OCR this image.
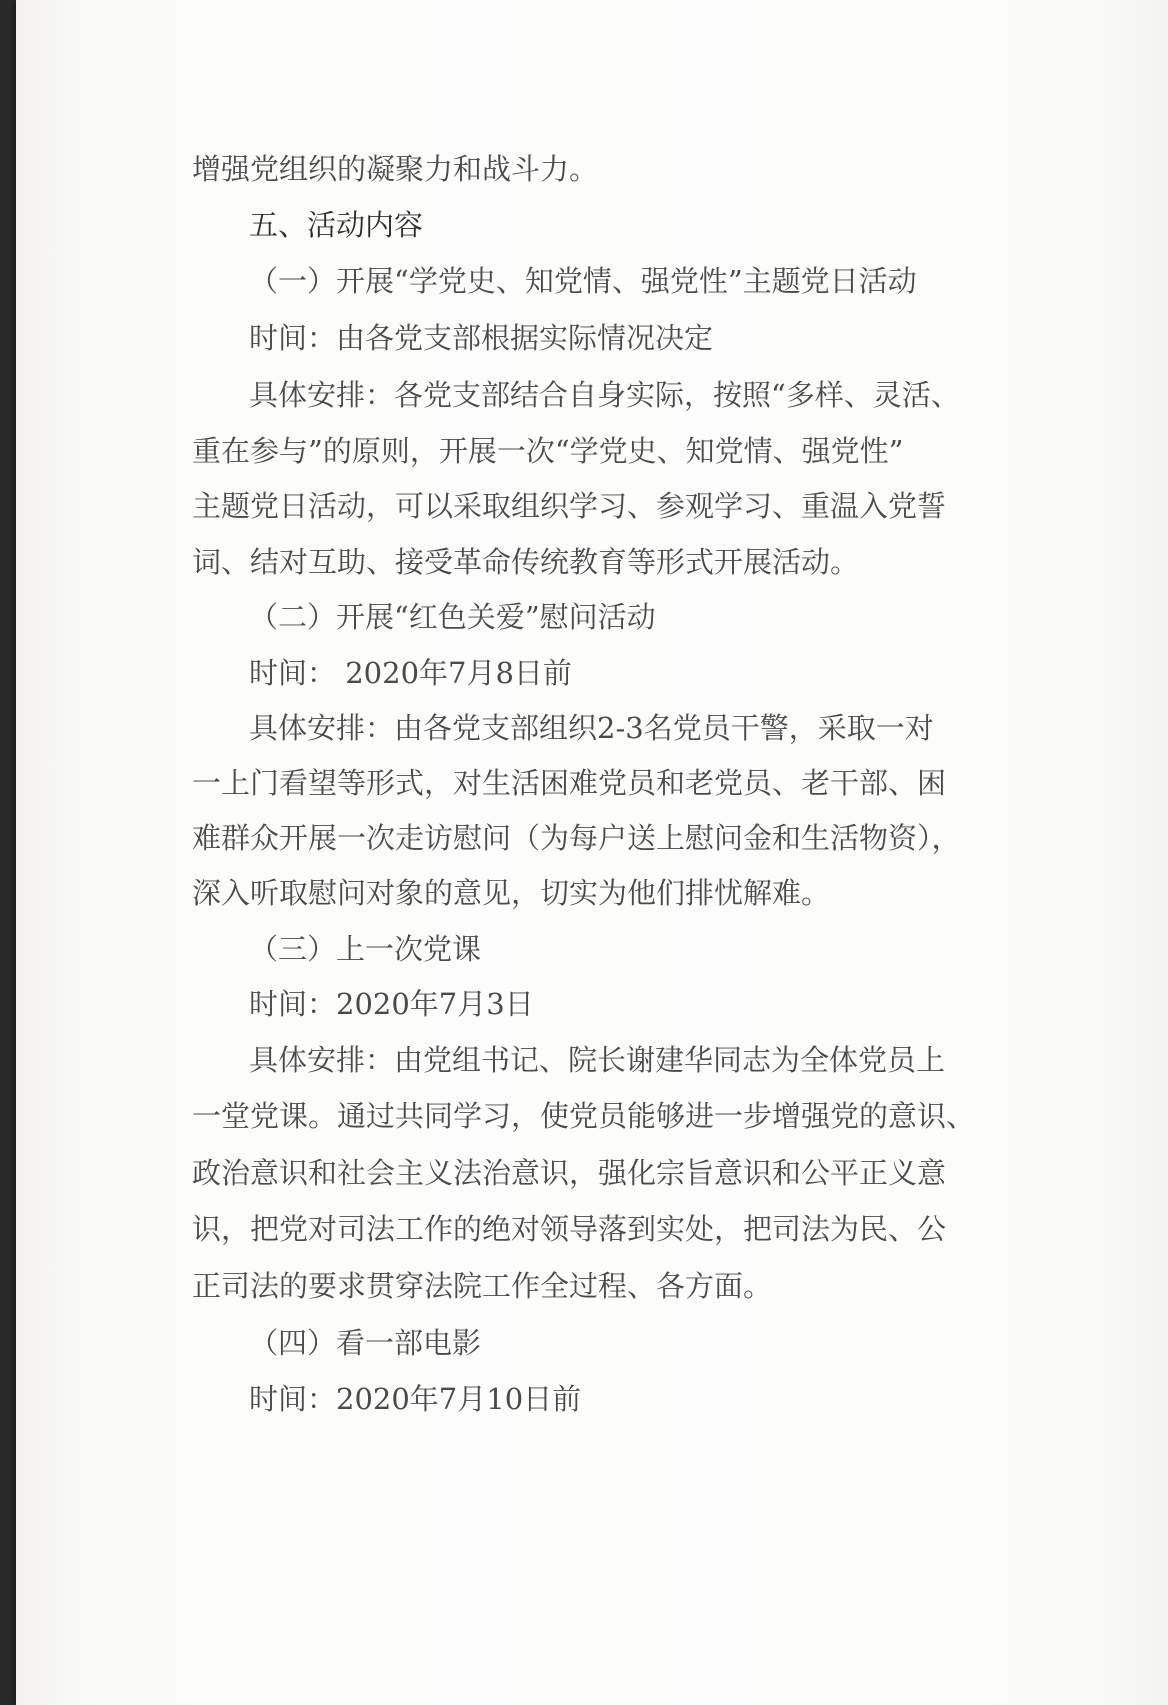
增强党组织的凝聚力和战斗力。
五、活动内容
（一）开展“学党史、知党情、强党性”主题党日活动
时间：由各党支部根据实际情况决定
具体安排：各党支部结合自身实际，按照“多样、灵活、
重在参与”的原则，开展一次“学党史、知党情、强党性”
主题党日活动，可以采取组织学习、参观学习、重温入党誓
词、结对互助、接受革命传统教育等形式开展活动。
（二）开展“红色关爱”慰问活动
时间： 2020年7月8日前
具体安排：由各党支部组织2-3名党员干警，采取一对
一上门看望等形式，对生活困难党员和老党员、老干部、困
难群众开展一次走访慰问（为每户送上慰问金和生活物资），
深入听取慰问对象的意见，切实为他们排忧解难。
（三）上一次党课
时间：2020年7月3日
具体安排：由党组书记、院长谢建华同志为全体党员上
一堂党课。通过共同学习，使党员能够进一步增强党的意识、
政治意识和社会主义法治意识，强化宗旨意识和公平正义意
识，把党对司法工作的绝对领导落到实处，把司法为民、公
正司法的要求贯穿法院工作全过程、各方面。
（四）看一部电影
时间：2020年7月10日前
